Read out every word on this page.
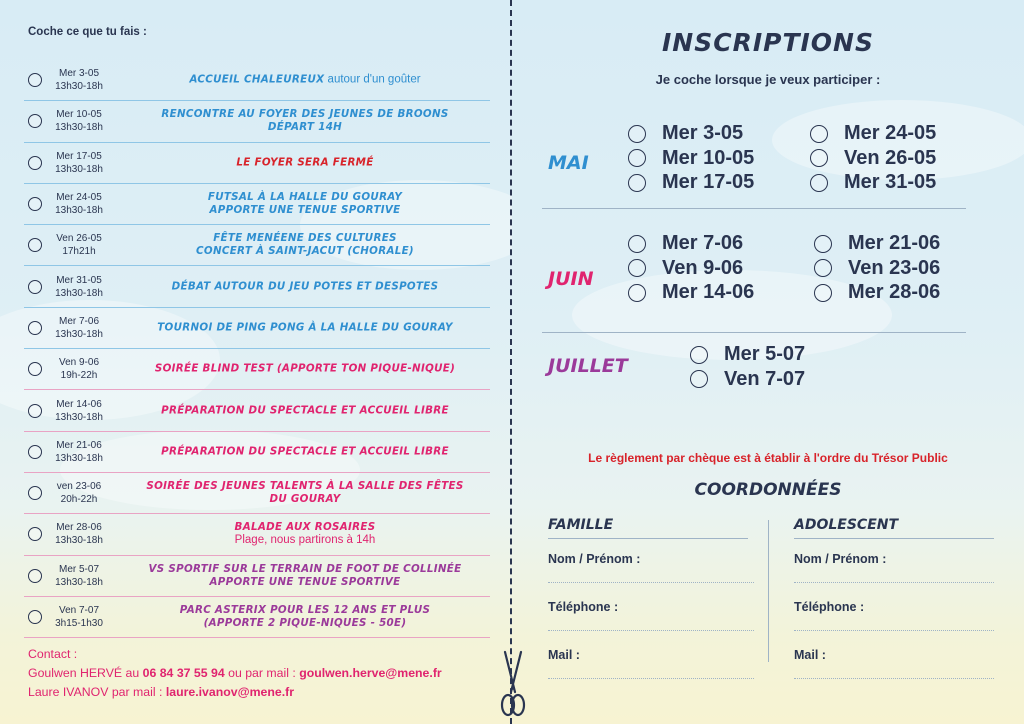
Coche ce que tu fais :
Mer 3-05
13h30-18h
ACCUEIL CHALEUREUX autour d'un goûter
Mer 10-05
13h30-18h
RENCONTRE AU FOYER DES JEUNES DE BROONS
DÉPART 14H
Mer 17-05
13h30-18h
LE FOYER SERA FERMÉ
Mer 24-05
13h30-18h
FUTSAL À LA HALLE DU GOURAY
APPORTE UNE TENUE SPORTIVE
Ven 26-05
17h21h
FÊTE MENÉENE DES CULTURES
CONCERT À SAINT-JACUT (CHORALE)
Mer 31-05
13h30-18h
DÉBAT AUTOUR DU JEU POTES ET DESPOTES
Mer 7-06
13h30-18h
TOURNOI DE PING PONG À LA HALLE DU GOURAY
Ven 9-06
19h-22h
SOIRÉE BLIND TEST (APPORTE TON PIQUE-NIQUE)
Mer 14-06
13h30-18h
PRÉPARATION DU SPECTACLE ET ACCUEIL LIBRE
Mer 21-06
13h30-18h
PRÉPARATION DU SPECTACLE ET ACCUEIL LIBRE
ven 23-06
20h-22h
SOIRÉE DES JEUNES TALENTS À LA SALLE DES FÊTES
DU GOURAY
Mer 28-06
13h30-18h
BALADE AUX ROSAIRES
Plage, nous partirons à 14h
Mer 5-07
13h30-18h
VS SPORTIF SUR LE TERRAIN DE FOOT DE COLLINÉE
APPORTE UNE TENUE SPORTIVE
Ven 7-07
3h15-1h30
PARC ASTERIX POUR LES 12 ANS ET PLUS
(APPORTE 2 PIQUE-NIQUES - 50E)
Contact :
Goulwen HERVÉ au 06 84 37 55 94 ou par mail : goulwen.herve@mene.fr
Laure IVANOV par mail : laure.ivanov@mene.fr
INSCRIPTIONS
Je coche lorsque je veux participer :
MAI
Mer 3-05
Mer 10-05
Mer 17-05
Mer 24-05
Ven 26-05
Mer 31-05
JUIN
Mer 7-06
Ven 9-06
Mer 14-06
Mer 21-06
Ven 23-06
Mer 28-06
JUILLET
Mer 5-07
Ven 7-07
Le règlement par chèque est à établir à l'ordre du Trésor Public
COORDONNÉES
FAMILLE	ADOLESCENT
Nom / Prénom :
Téléphone :
Mail :
Nom / Prénom :
Téléphone :
Mail :
